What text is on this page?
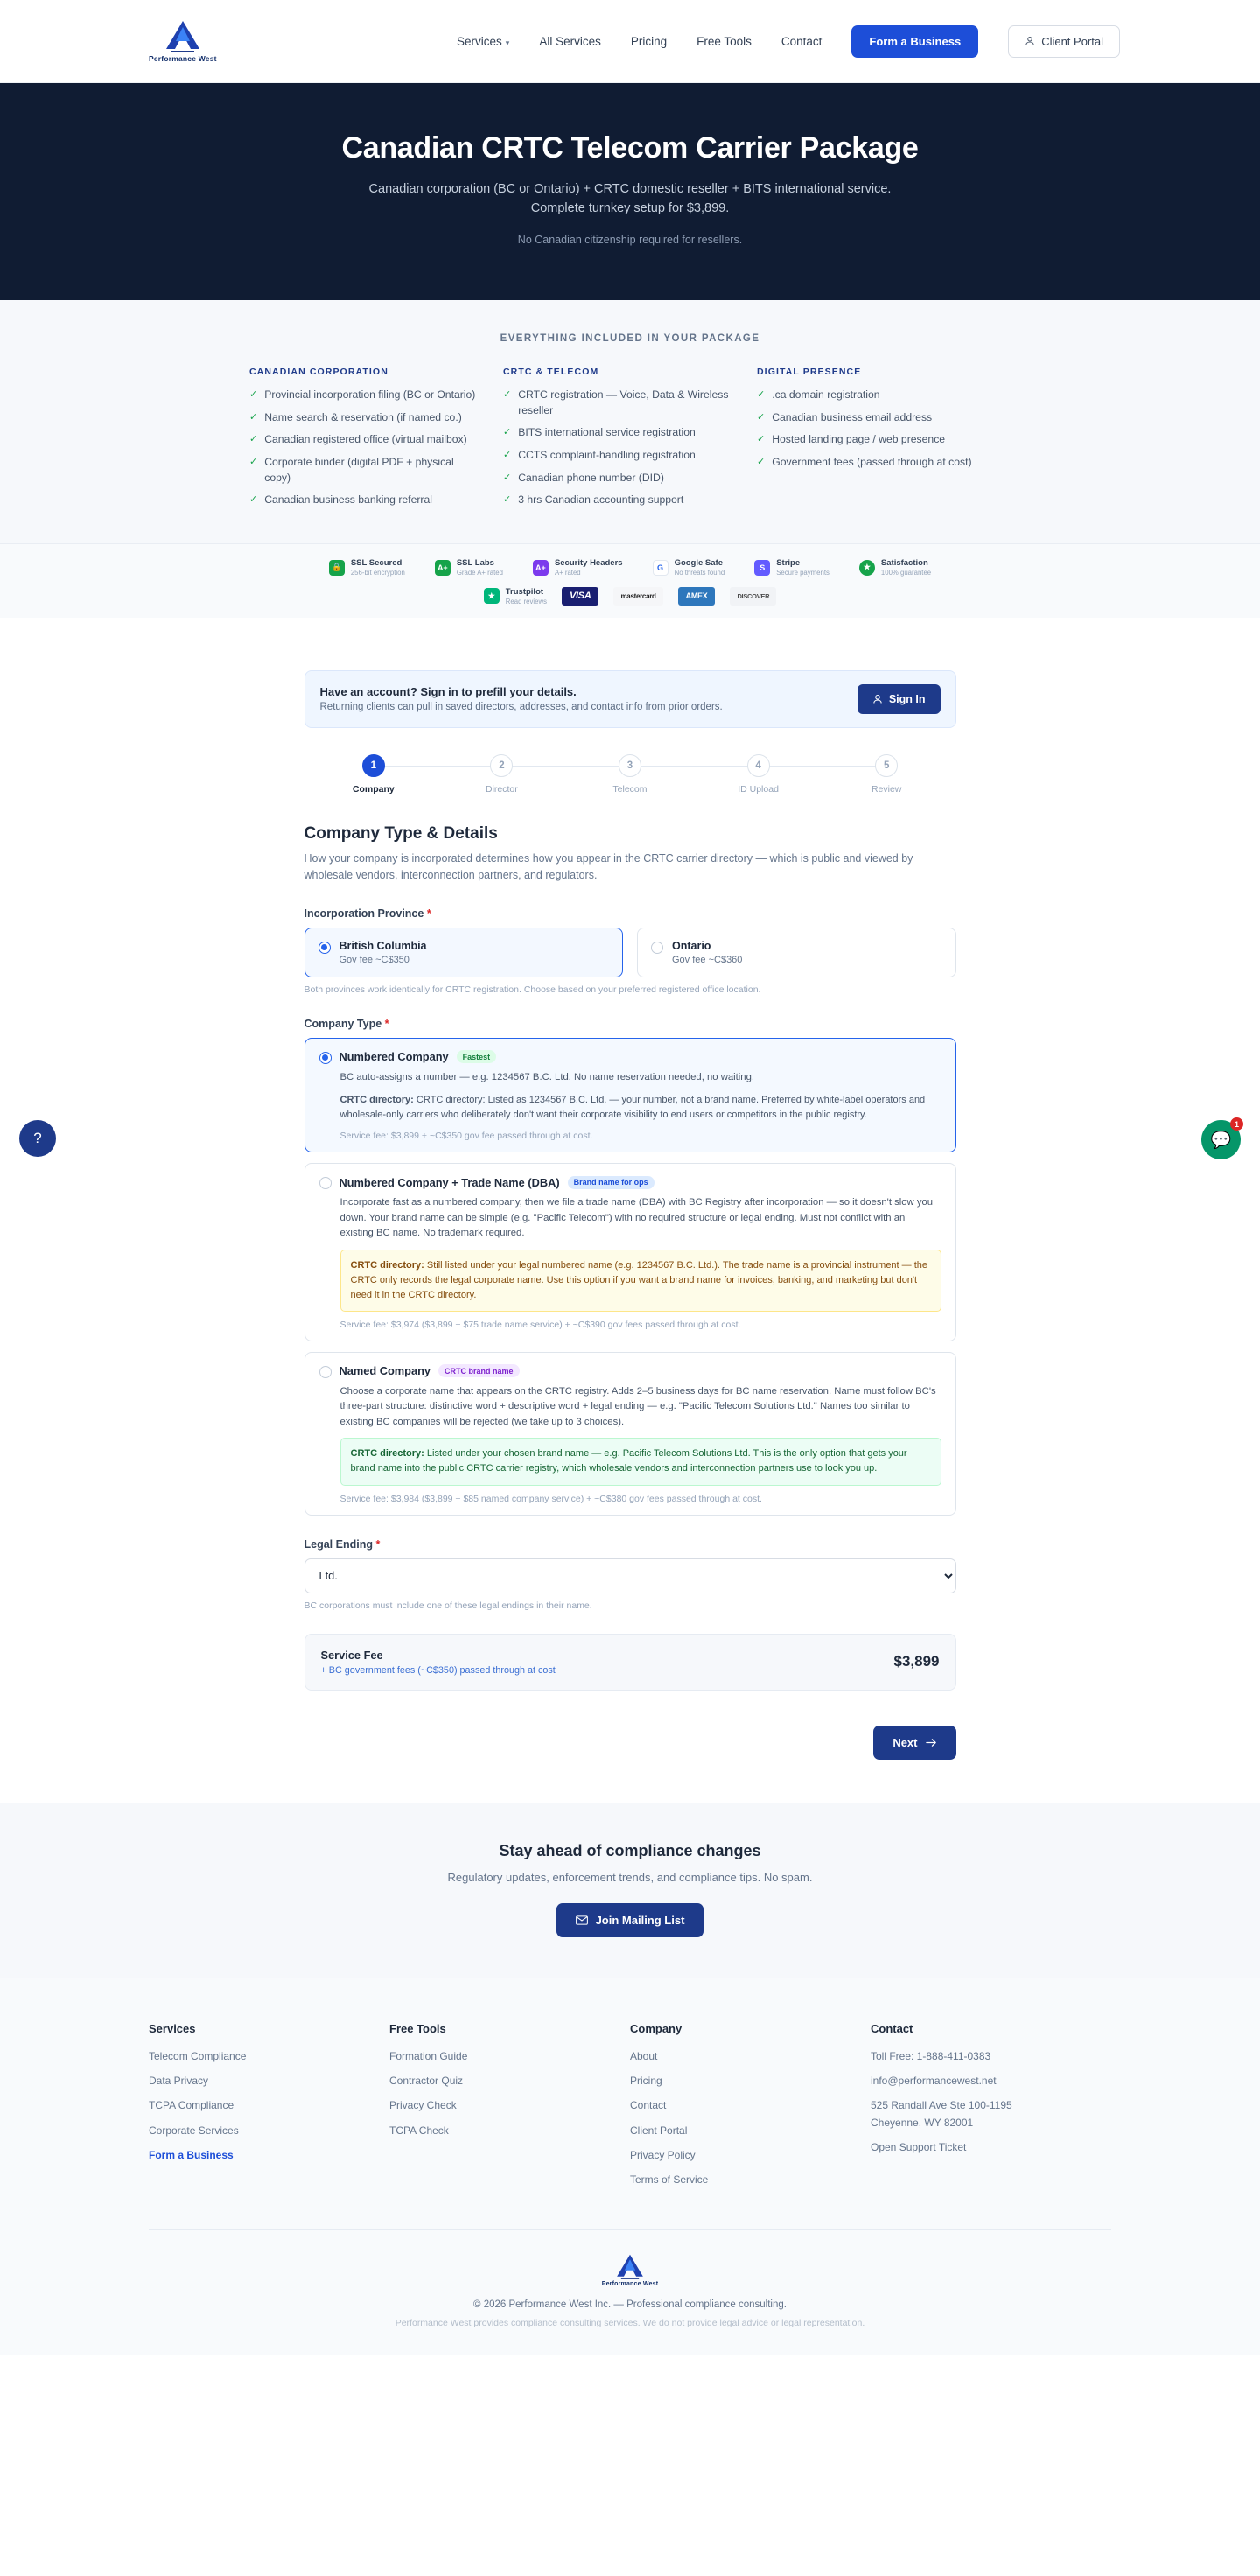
Performance West
Services ▾	All Services	Pricing	Free Tools	Contact	Form a Business	Client Portal
Canadian CRTC Telecom Carrier Package

Canadian corporation (BC or Ontario) + CRTC domestic reseller + BITS international service. Complete turnkey setup for $3,899.

No Canadian citizenship required for resellers.

EVERYTHING INCLUDED IN YOUR PACKAGE
CANADIAN CORPORATION
✓ Provincial incorporation filing (BC or Ontario)
✓ Name search & reservation (if named co.)
✓ Canadian registered office (virtual mailbox)
✓ Corporate binder (digital PDF + physical copy)
✓ Canadian business banking referral
CRTC & TELECOM
✓ CRTC registration — Voice, Data & Wireless reseller
✓ BITS international service registration
✓ CCTS complaint-handling registration
✓ Canadian phone number (DID)
✓ 3 hrs Canadian accounting support
DIGITAL PRESENCE
✓ .ca domain registration
✓ Canadian business email address
✓ Hosted landing page / web presence
✓ Government fees (passed through at cost)
🔒	SSL Secured
256-bit encryption
A+	SSL Labs
Grade A+ rated
A+	Security Headers
A+ rated
G	Google Safe
No threats found
S	Stripe
Secure payments
★	Satisfaction
100% guarantee
★	Trustpilot
Read reviews	VISA	mastercard	AMEX	DISCOVER
?	💬
1
Have an account? Sign in to prefill your details.
Returning clients can pull in saved directors, addresses, and contact info from prior orders.
Sign In
1
Company
2
Director
3
Telecom
4
ID Upload
5
Review
Company Type & Details

How your company is incorporated determines how you appear in the CRTC carrier directory — which is public and viewed by wholesale vendors, interconnection partners, and regulators.

Incorporation Province *
British Columbia
Gov fee ~C$350
Ontario
Gov fee ~C$360
Both provinces work identically for CRTC registration. Choose based on your preferred registered office location.
Company Type *
Numbered Company	Fastest
BC auto-assigns a number — e.g. 1234567 B.C. Ltd. No name reservation needed, no waiting.
CRTC directory: CRTC directory: Listed as 1234567 B.C. Ltd. — your number, not a brand name. Preferred by white-label operators and wholesale-only carriers who deliberately don't want their corporate visibility to end users or competitors in the public registry.
Service fee: $3,899 + ~C$350 gov fee passed through at cost.
Numbered Company + Trade Name (DBA)	Brand name for ops
Incorporate fast as a numbered company, then we file a trade name (DBA) with BC Registry after incorporation — so it doesn't slow you down. Your brand name can be simple (e.g. "Pacific Telecom") with no required structure or legal ending. Must not conflict with an existing BC name. No trademark required.
CRTC directory: Still listed under your legal numbered name (e.g. 1234567 B.C. Ltd.). The trade name is a provincial instrument — the CRTC only records the legal corporate name. Use this option if you want a brand name for invoices, banking, and marketing but don't need it in the CRTC directory.
Service fee: $3,974 ($3,899 + $75 trade name service) + ~C$390 gov fees passed through at cost.
Named Company	CRTC brand name
Choose a corporate name that appears on the CRTC registry. Adds 2–5 business days for BC name reservation. Name must follow BC's three-part structure: distinctive word + descriptive word + legal ending — e.g. "Pacific Telecom Solutions Ltd." Names too similar to existing BC companies will be rejected (we take up to 3 choices).
CRTC directory: Listed under your chosen brand name — e.g. Pacific Telecom Solutions Ltd. This is the only option that gets your brand name into the public CRTC carrier registry, which wholesale vendors and interconnection partners use to look you up.
Service fee: $3,984 ($3,899 + $85 named company service) + ~C$380 gov fees passed through at cost.
Legal Ending *
Ltd.
BC corporations must include one of these legal endings in their name.
Service Fee
+ BC government fees (~C$350) passed through at cost
$3,899
Next
Stay ahead of compliance changes

Regulatory updates, enforcement trends, and compliance tips. No spam.

Join Mailing List
Services
Telecom Compliance
Data Privacy
TCPA Compliance
Corporate Services
Form a Business
Free Tools
Formation Guide
Contractor Quiz
Privacy Check
TCPA Check
Company
About
Pricing
Contact
Client Portal
Privacy Policy
Terms of Service
Contact
Toll Free: 1-888-411-0383
info@performancewest.net
525 Randall Ave Ste 100-1195
Cheyenne, WY 82001
Open Support Ticket
Performance West
© 2026 Performance West Inc. — Professional compliance consulting.
Performance West provides compliance consulting services. We do not provide legal advice or legal representation.
